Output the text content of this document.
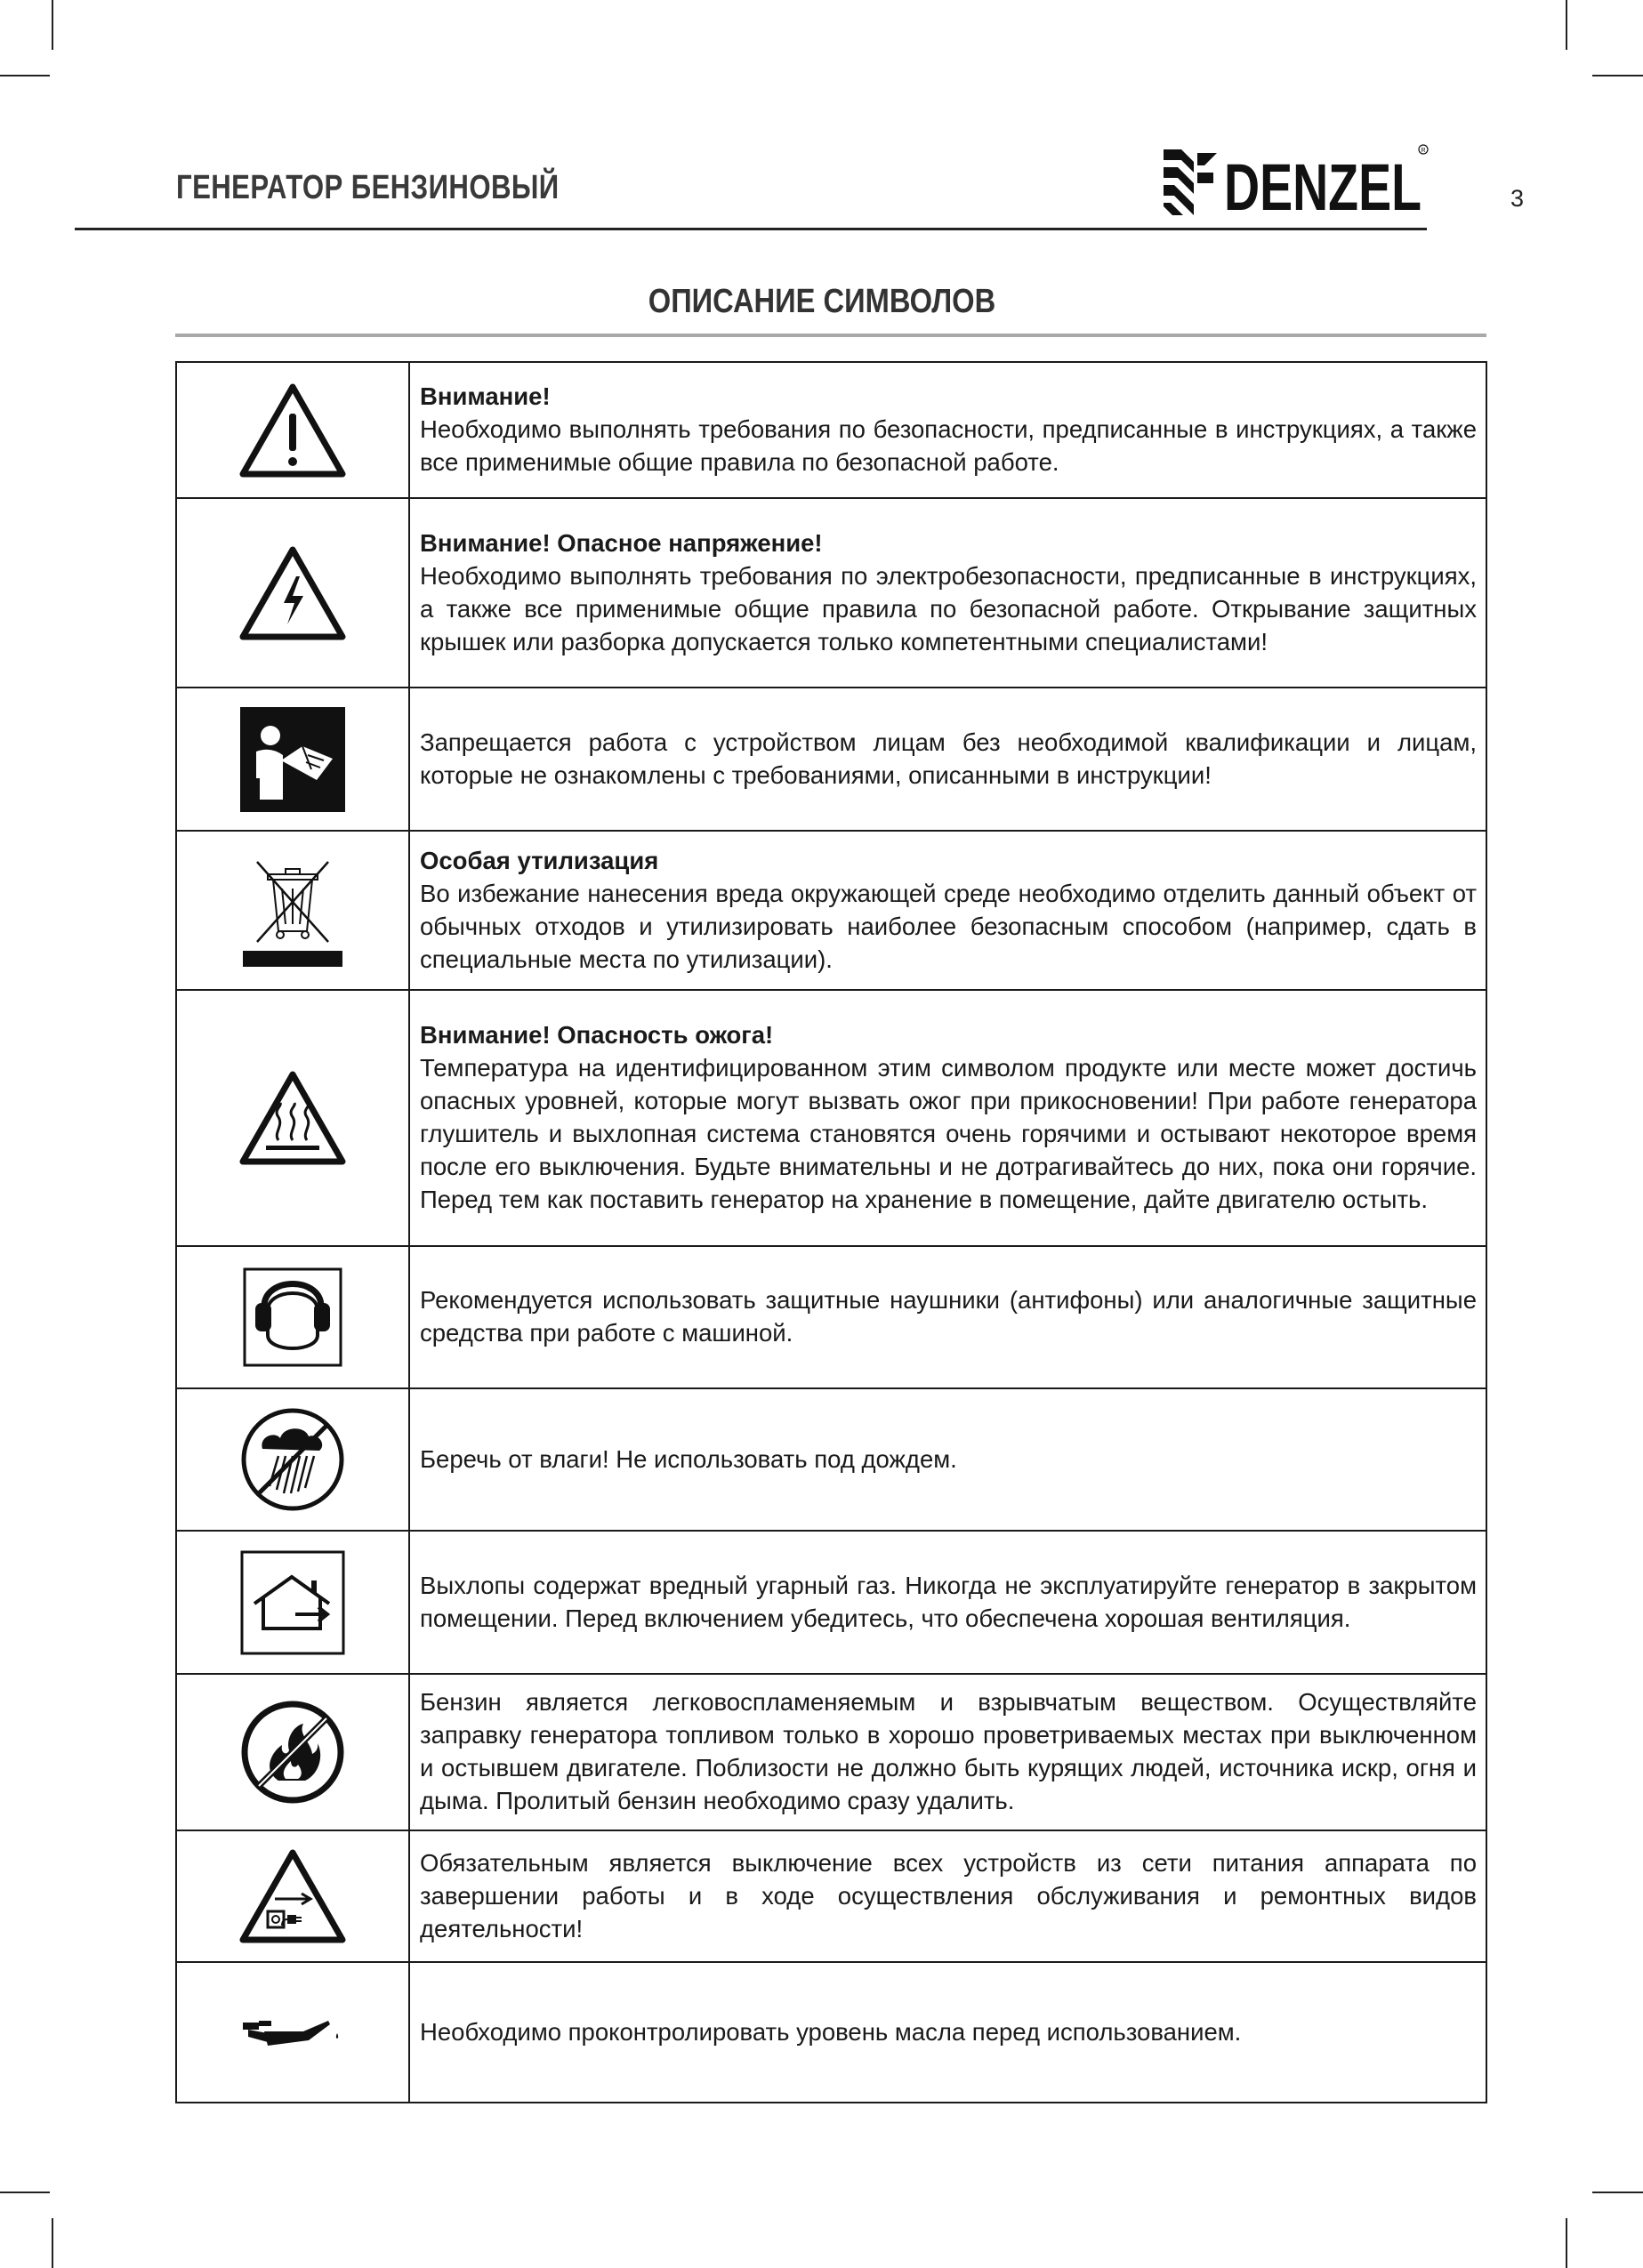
ГЕНЕРАТОР БЕНЗИНОВЫЙ	DENZEL R
3
ОПИСАНИЕ СИМВОЛОВ

Внимание!
Необходимо выполнять требования по безопасности, предписанные в инструкциях, а также все применимые общие правила по безопасной работе.

Внимание! Опасное напряжение!
Необходимо выполнять требования по электробезопасности, предписанные в инструкциях, а также все применимые общие правила по безопасной работе. Открывание защитных крышек или разборка допускается только компетентными специалистами!
	Запрещается работа с устройством лицам без необходимой квалификации и лицам, которые не ознакомлены с требованиями, описанными в инструкции!

Особая утилизация
Во избежание нанесения вреда окружающей среде необходимо отделить данный объект от обычных отходов и утилизировать наиболее безопасным способом (например, сдать в специальные места по утилизации).

Внимание! Опасность ожога!
Температура на идентифицированном этим символом продукте или месте может достичь опасных уровней, которые могут вызвать ожог при прикосновении! При работе генератора глушитель и выхлопная система становятся очень горячими и остывают некоторое время после его выключения. Будьте внимательны и не дотрагивайтесь до них, пока они горячие. Перед тем как поставить генератор на хранение в помещение, дайте двигателю остыть.
	Рекомендуется использовать защитные наушники (антифоны) или аналогичные защитные средства при работе с машиной.
	Беречь от влаги! Не использовать под дождем.
	Выхлопы содержат вредный угарный газ. Никогда не эксплуатируйте генератор в закрытом помещении. Перед включением убедитесь, что обеспечена хорошая вентиляция.
	Бензин является легковоспламеняемым и взрывчатым веществом. Осуществляйте заправку генератора топливом только в хорошо проветриваемых местах при выключенном и остывшем двигателе. Поблизости не должно быть курящих людей, источника искр, огня и дыма. Пролитый бензин необходимо сразу удалить.
	Обязательным является выключение всех устройств из сети питания аппарата по завершении работы и в ходе осуществления обслуживания и ремонтных видов деятельности!
	Необходимо проконтролировать уровень масла перед использованием.
